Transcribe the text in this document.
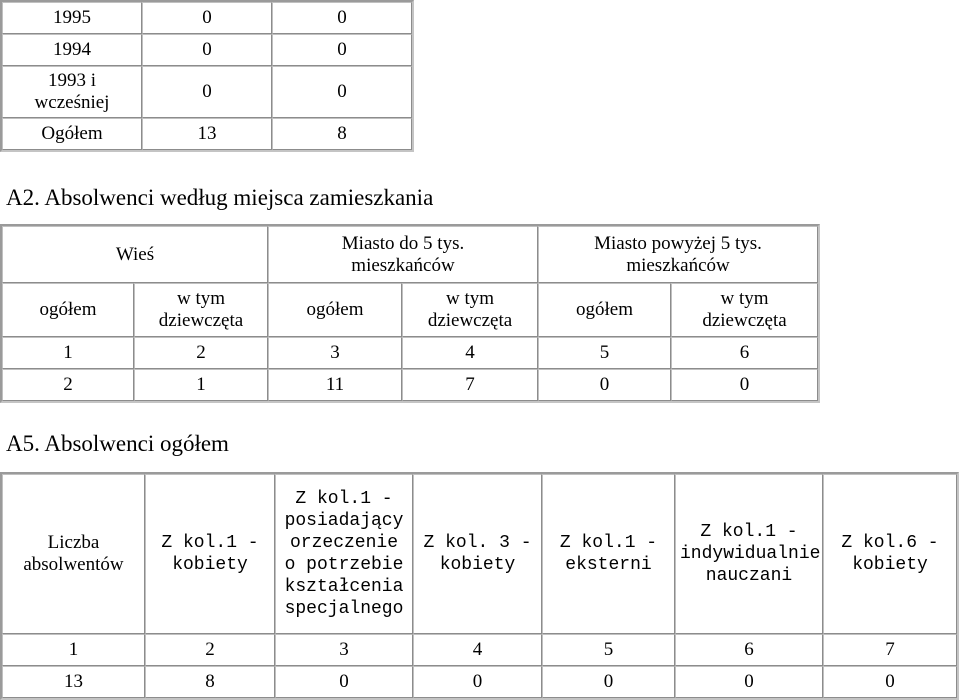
1995	0	0
1994	0	0
1993 i wcześniej	0	0
Ogółem	13	8
A2. Absolwenci według miejsca zamieszkania
Wieś		Miasto do 5 tys. mieszkańców		Miasto powyżej 5 tys. mieszkańców	
ogółem	w tym dziewczęta	ogółem	w tym dziewczęta	ogółem	w tym dziewczęta
1	2	3	4	5	6
2	1	11	7	0	0
A5. Absolwenci ogółem
Liczba absolwentów	Z kol.1 - kobiety	Z kol.1 - posiadający orzeczenie o potrzebie kształcenia specjalnego	Z kol. 3 - kobiety	Z kol.1 - eksterni	Z kol.1 - indywidualnie nauczani	Z kol.6 - kobiety
1	2	3	4	5	6	7
13	8	0	0	0	0	0
